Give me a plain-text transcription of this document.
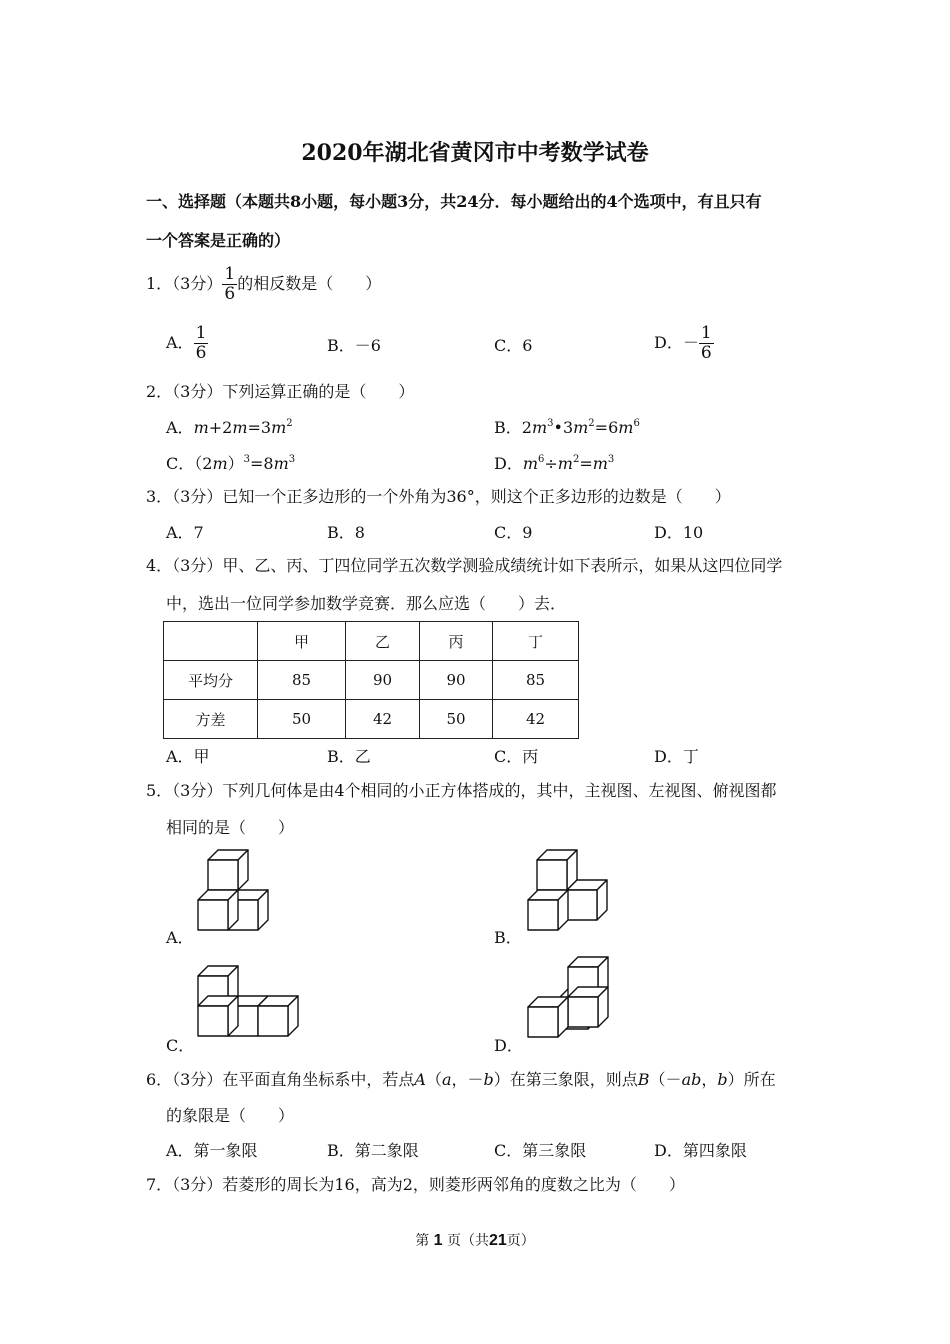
2020年湖北省黄冈市中考数学试卷
一、选择题（本题共8小题，每小题3分，共24分．每小题给出的4个选项中，有且只有
一个答案是正确的）
1．（3分） $\frac{1}{6}$ 的相反数是（　　）
A． $\frac{1}{6}$	B．－6	C．6	D．－ $\frac{1}{6}$
2．（3分）下列运算正确的是（　　）
A．$m+2m=3m^2$	B．$2m^3•3m^2=6m^6$
C．$(2m)^3=8m^3$	D．$m^6\div m^2=m^3$
3．（3分）已知一个正多边形的一个外角为36°，则这个正多边形的边数是（　　）
A．7	B．8	C．9	D．10
4．（3分）甲、乙、丙、丁四位同学五次数学测验成绩统计如下表所示，如果从这四位同学
中，选出一位同学参加数学竞赛．那么应选（　　）去．
	甲	乙	丙	丁
平均分	85	90	90	85
方差	50	42	50	42
A．甲	B．乙	C．丙	D．丁
5．（3分）下列几何体是由4个相同的小正方体搭成的，其中，主视图、左视图、俯视图都
相同的是（　　）
A．	B．
C．	D．
6．（3分）在平面直角坐标系中，若点A（a，－b）在第三象限，则点B（－ab，b）所在
的象限是（　　）
A．第一象限	B．第二象限	C．第三象限	D．第四象限
7．（3分）若菱形的周长为16，高为2，则菱形两邻角的度数之比为（　　）
第 1 页（共21页）
